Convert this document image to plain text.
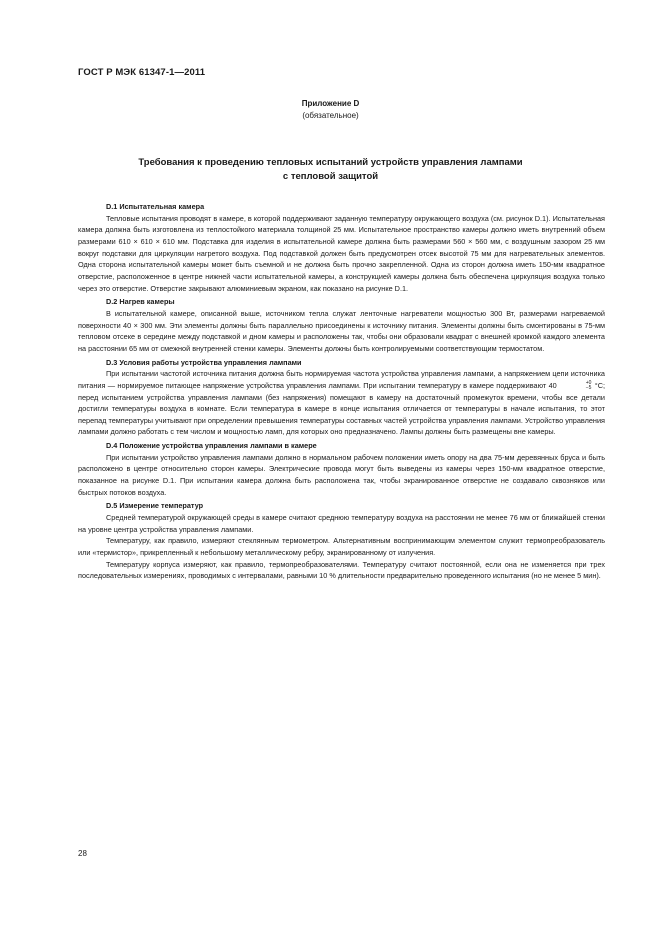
ГОСТ Р МЭК 61347-1—2011
Приложение D
(обязательное)
Требования к проведению тепловых испытаний устройств управления лампами
с тепловой защитой
D.1 Испытательная камера

Тепловые испытания проводят в камере, в которой поддерживают заданную температуру окружающего воздуха (см. рисунок D.1). Испытательная камера должна быть изготовлена из теплостойкого материала толщиной 25 мм. Испытательное пространство камеры должно иметь внутренний объем размерами 610 × 610 × 610 мм. Подставка для изделия в испытательной камере должна быть размерами 560 × 560 мм, с воздушным зазором 25 мм вокруг подставки для циркуляции нагретого воздуха. Под подставкой должен быть предусмотрен отсек высотой 75 мм для нагревательных элементов. Одна сторона испытательной камеры может быть съемной и не должна быть прочно закрепленной. Одна из сторон должна иметь 150-мм квадратное отверстие, расположенное в центре нижней части испытательной камеры, а конструкцией камеры должна быть обеспечена циркуляция воздуха только через это отверстие. Отверстие закрывают алюминиевым экраном, как показано на рисунке D.1.

D.2 Нагрев камеры

В испытательной камере, описанной выше, источником тепла служат ленточные нагреватели мощностью 300 Вт, размерами нагреваемой поверхности 40 × 300 мм. Эти элементы должны быть параллельно присоединены к источнику питания. Элементы должны быть смонтированы в 75-мм тепловом отсеке в середине между подставкой и дном камеры и расположены так, чтобы они образовали квадрат с внешней кромкой каждого элемента на расстоянии 65 мм от смежной внутренней стенки камеры. Элементы должны быть контролируемыми соответствующим термостатом.

D.3 Условия работы устройства управления лампами

При испытании частотой источника питания должна быть нормируемая частота устройства управления лампами, а напряжением цепи источника питания — нормируемое питающее напряжение устройства управления лампами. При испытании температуру в камере поддерживают 40	+0
−5 °С; перед испытанием устройства управления лампами (без напряжения) помещают в камеру на достаточный промежуток времени, чтобы все детали достигли температуры воздуха в комнате. Если температура в камере в конце испытания отличается от температуры в начале испытания, то этот перепад температуры учитывают при определении превышения температуры составных частей устройства управления лампами. Устройство управления лампами должно работать с тем числом и мощностью ламп, для которых оно предназначено. Лампы должны быть размещены вне камеры.

D.4 Положение устройства управления лампами в камере

При испытании устройство управления лампами должно в нормальном рабочем положении иметь опору на два 75-мм деревянных бруса и быть расположено в центре относительно сторон камеры. Электрические провода могут быть выведены из камеры через 150-мм квадратное отверстие, показанное на рисунке D.1. При испытании камера должна быть расположена так, чтобы экранированное отверстие не создавало сквозняков или быстрых потоков воздуха.

D.5 Измерение температур

Средней температурой окружающей среды в камере считают среднюю температуру воздуха на расстоянии не менее 76 мм от ближайшей стенки на уровне центра устройства управления лампами.

Температуру, как правило, измеряют стеклянным термометром. Альтернативным воспринимающим элементом служит термопреобразователь или «термистор», прикрепленный к небольшому металлическому ребру, экранированному от излучения.

Температуру корпуса измеряют, как правило, термопреобразователями. Температуру считают постоянной, если она не изменяется при трех последовательных измерениях, проводимых с интервалами, равными 10 % длительности предварительно проведенного испытания (но не менее 5 мин).

28
